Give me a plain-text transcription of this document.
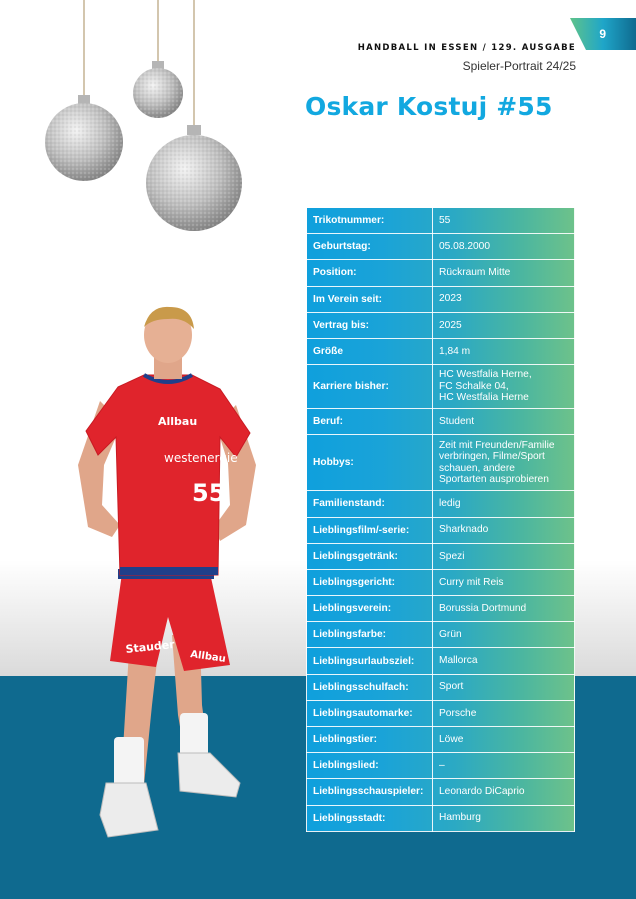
9
HANDBALL IN ESSEN / 129. AUSGABE
Spieler-Portrait 24/25
Oskar Kostuj #55
Stauder
Allbau
Allbau
westenergie
55
Trikotnummer:	55
Geburtstag:	05.08.2000
Position:	Rückraum Mitte
Im Verein seit:	2023
Vertrag bis:	2025
Größe	1,84 m
Karriere bisher:	HC Westfalia Herne,
FC Schalke 04,
HC Westfalia Herne

Beruf:	Student
Hobbys:	Zeit mit Freunden/Familie
verbringen, Filme/Sport
schauen, andere
Sportarten ausprobieren

Familienstand:	ledig
Lieblingsfilm/-serie:	Sharknado
Lieblingsgetränk:	Spezi
Lieblingsgericht:	Curry mit Reis
Lieblingsverein:	Borussia Dortmund
Lieblingsfarbe:	Grün
Lieblingsurlaubsziel:	Mallorca
Lieblingsschulfach:	Sport
Lieblingsautomarke:	Porsche
Lieblingstier:	Löwe
Lieblingslied:	–
Lieblingsschauspieler:	Leonardo DiCaprio
Lieblingsstadt:	Hamburg
